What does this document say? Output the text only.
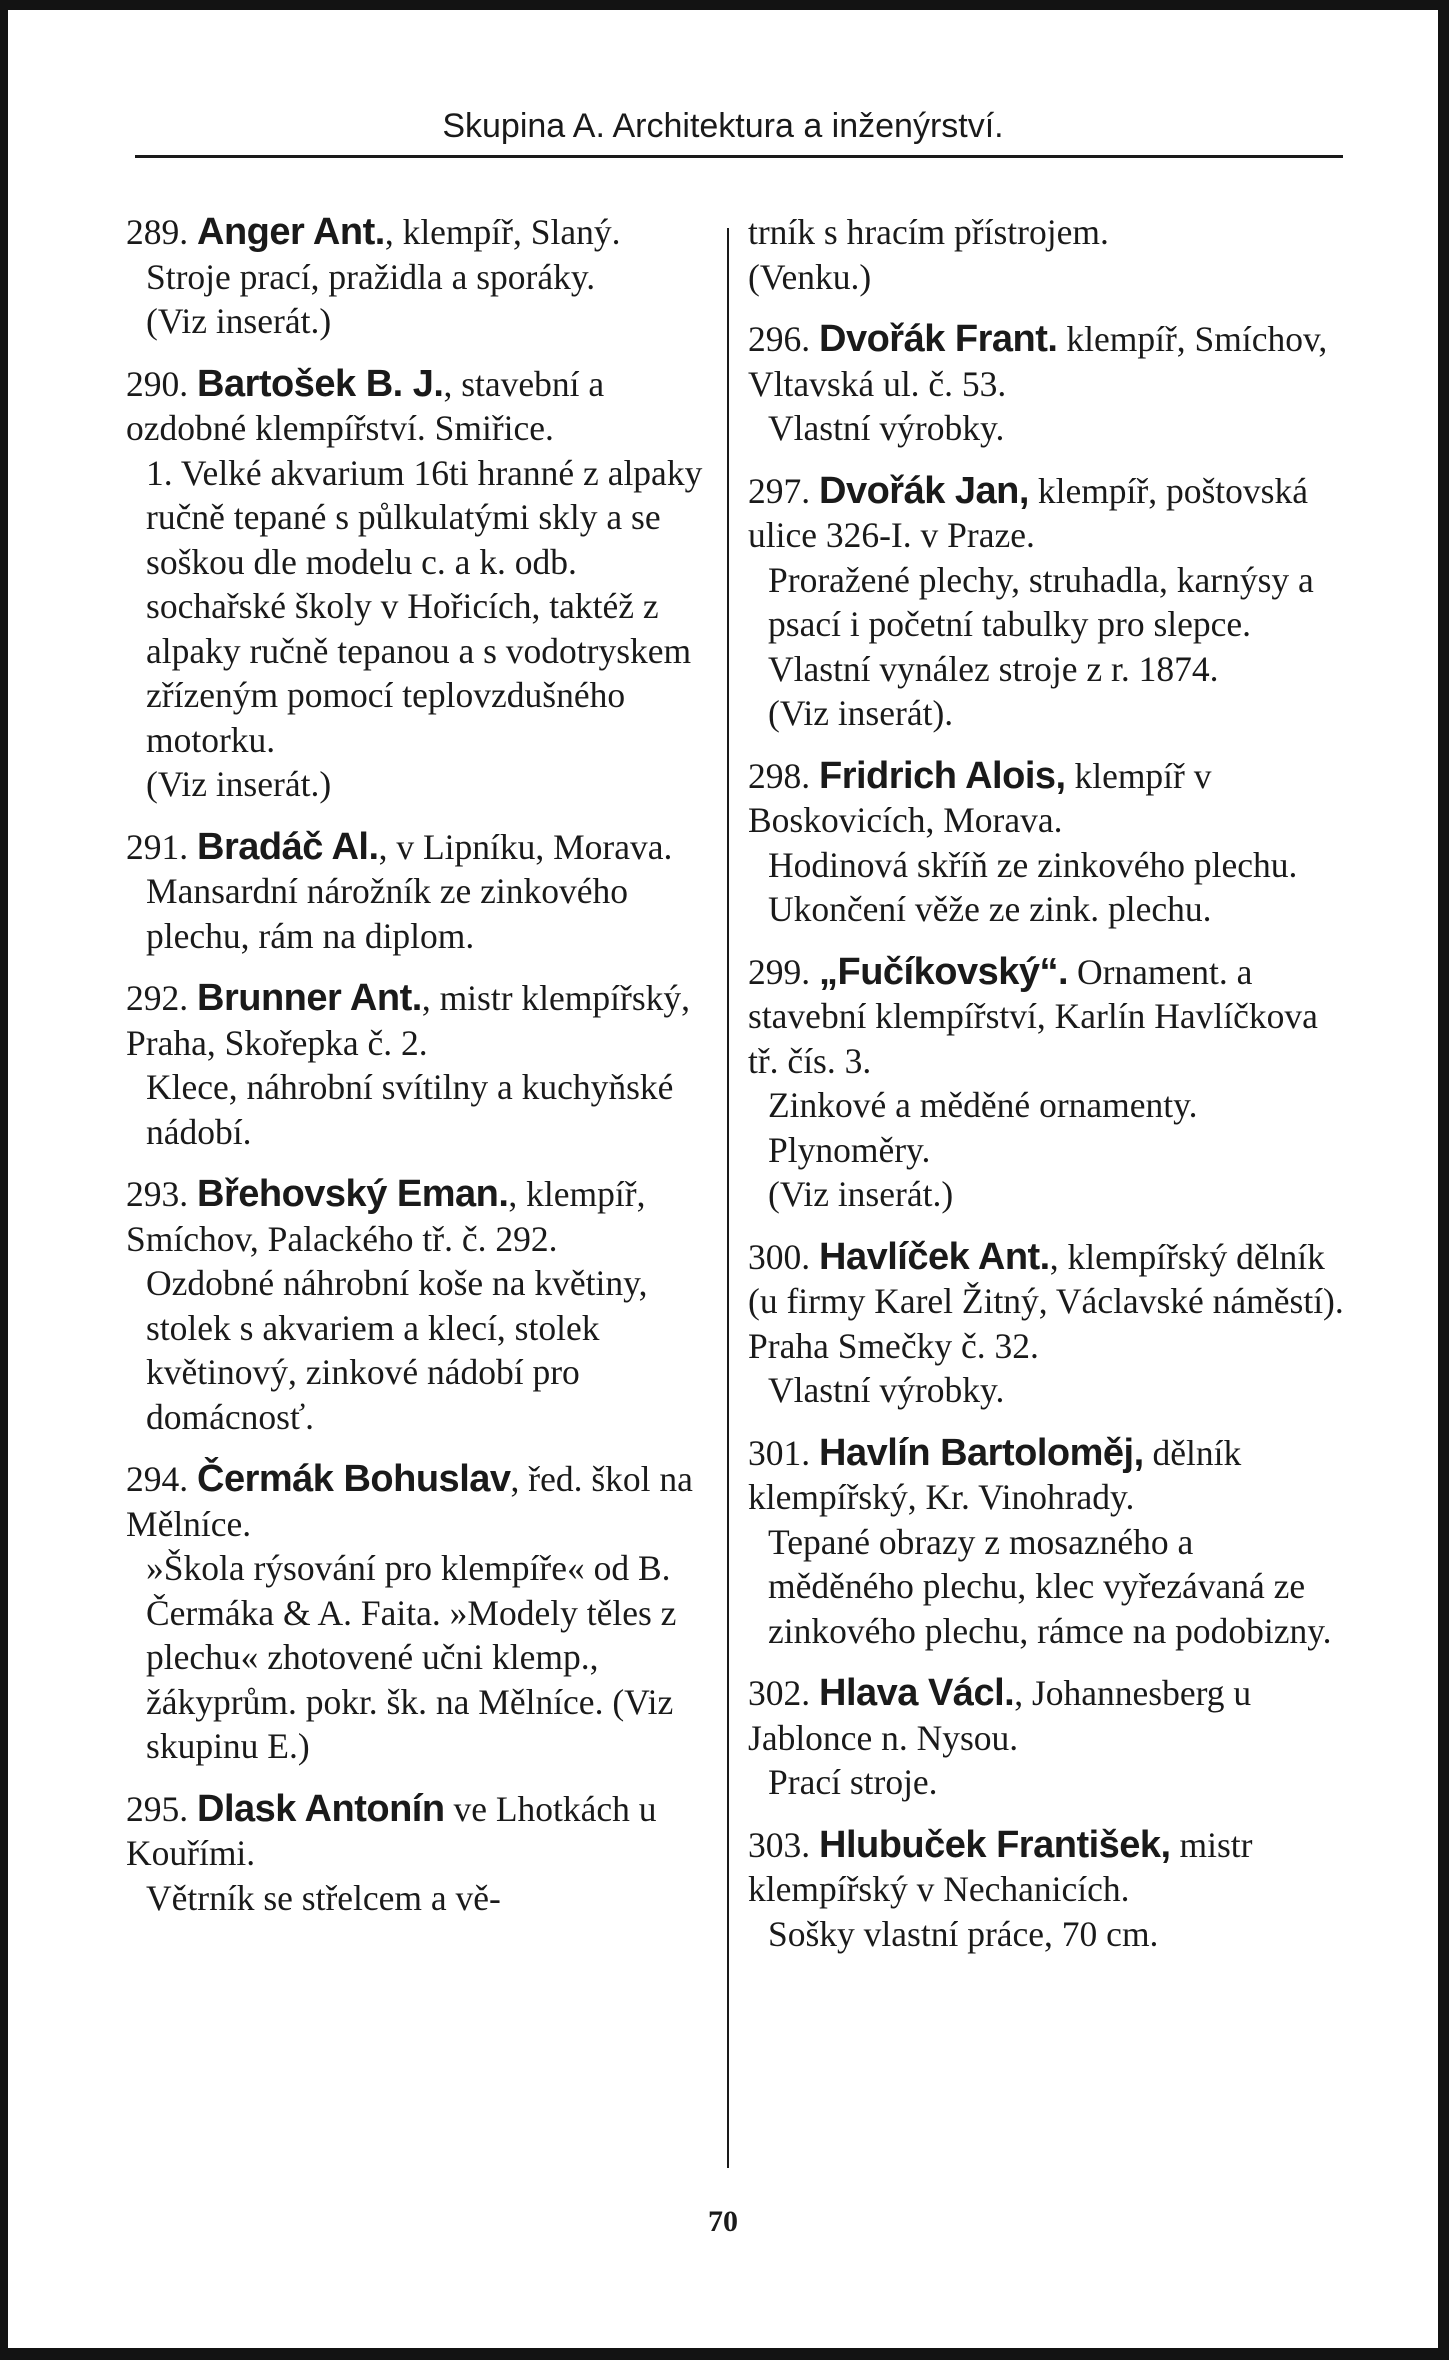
Skupina A. Architektura a inženýrství.

289. Anger Ant., klempíř, Slaný.

Stroje prací, pražidla a sporáky.

(Viz inserát.)

290. Bartošek B. J., stavební a ozdobné klempířství. Smiřice.

1. Velké akvarium 16ti hranné z alpaky ručně tepané s půlkulatými skly a se soškou dle modelu c. a k. odb. sochařské školy v Hořicích, taktéž z alpaky ručně tepanou a s vodotryskem zřízeným pomocí teplovzdušného motorku.

(Viz inserát.)

291. Bradáč Al., v Lipníku, Morava.

Mansardní nárožník ze zinkového plechu, rám na diplom.

292. Brunner Ant., mistr klempířský, Praha, Skořepka č. 2.

Klece, náhrobní svítilny a kuchyňské nádobí.

293. Břehovský Eman., klempíř, Smíchov, Palackého tř. č. 292.

Ozdobné náhrobní koše na květiny, stolek s akvariem a klecí, stolek květinový, zinkové nádobí pro domácnosť.

294. Čermák Bohuslav, řed. škol na Mělníce.

»Škola rýsování pro klempíře« od B. Čermáka & A. Faita. »Modely těles z plechu« zhotovené učni klemp., žákyprům. pokr. šk. na Mělníce. (Viz skupinu E.)

295. Dlask Antonín ve Lhotkách u Kouřími.

Větrník se střelcem a vě-

trník s hracím přístrojem.

(Venku.)

296. Dvořák Frant. klempíř, Smíchov, Vltavská ul. č. 53.

Vlastní výrobky.

297. Dvořák Jan, klempíř, poštovská ulice 326-I. v Praze.

Proražené plechy, struhadla, karnýsy a psací i početní tabulky pro slepce.

Vlastní vynález stroje z r. 1874.

(Viz inserát).

298. Fridrich Alois, klempíř v Boskovicích, Morava.

Hodinová skříň ze zinkového plechu. Ukončení věže ze zink. plechu.

299. „Fučíkovský“. Ornament. a stavební klempířství, Karlín Havlíčkova tř. čís. 3.

Zinkové a měděné ornamenty. Plynoměry.

(Viz inserát.)

300. Havlíček Ant., klempířský dělník (u firmy Karel Žitný, Václavské náměstí). Praha Smečky č. 32.

Vlastní výrobky.

301. Havlín Bartoloměj, dělník klempířský, Kr. Vinohrady.

Tepané obrazy z mosazného a měděného plechu, klec vyřezávaná ze zinkového plechu, rámce na podobizny.

302. Hlava Václ., Johannesberg u Jablonce n. Nysou.

Prací stroje.

303. Hlubuček František, mistr klempířský v Nechanicích.

Sošky vlastní práce, 70 cm.

70
